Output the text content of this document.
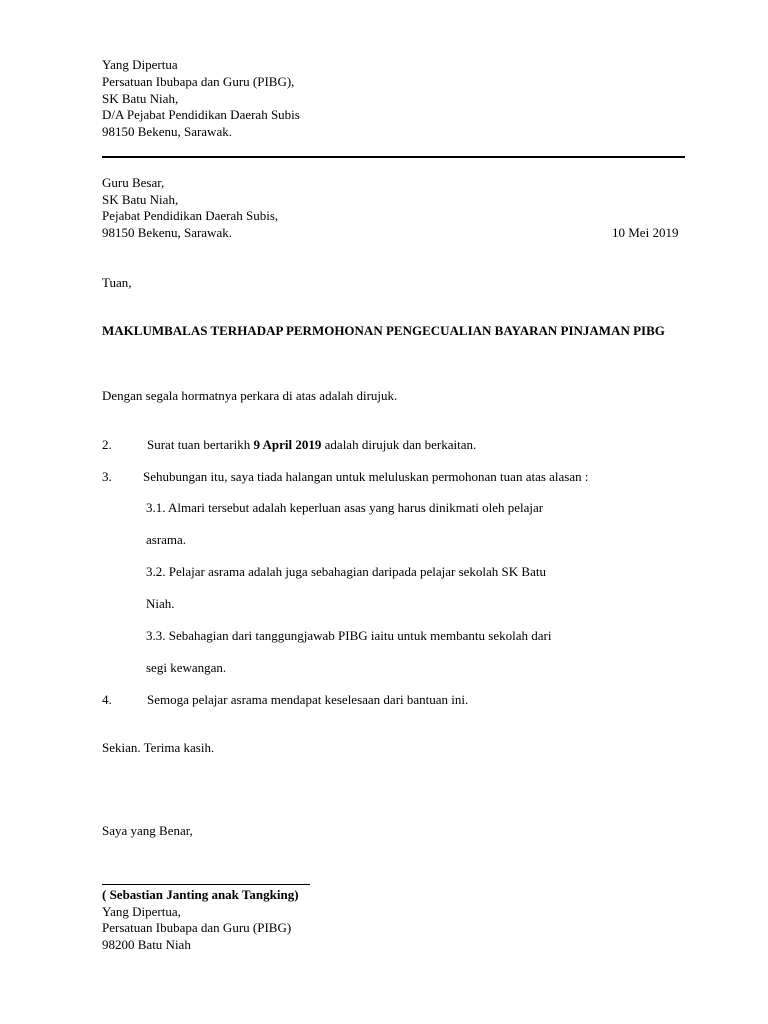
Yang Dipertua
Persatuan Ibubapa dan Guru (PIBG),
SK Batu Niah,
D/A Pejabat Pendidikan Daerah Subis
98150 Bekenu, Sarawak.
Guru Besar,
SK Batu Niah,
Pejabat Pendidikan Daerah Subis,
98150 Bekenu, Sarawak.	10 Mei 2019
Tuan,
MAKLUMBALAS TERHADAP PERMOHONAN PENGECUALIAN BAYARAN PINJAMAN PIBG
Dengan segala hormatnya perkara di atas adalah dirujuk.
2.	Surat tuan bertarikh 9 April 2019 adalah dirujuk dan berkaitan.
3. Sehubungan itu, saya tiada halangan untuk meluluskan permohonan tuan atas alasan :
3.1. Almari tersebut adalah keperluan asas yang harus dinikmati oleh pelajar
asrama.
3.2. Pelajar asrama adalah juga sebahagian daripada pelajar sekolah SK Batu
Niah.
3.3. Sebahagian dari tanggungjawab PIBG iaitu untuk membantu sekolah dari
segi kewangan.
4.	Semoga pelajar asrama mendapat keselesaan dari bantuan ini.
Sekian. Terima kasih.
Saya yang Benar,
( Sebastian Janting anak Tangking)
Yang Dipertua,
Persatuan Ibubapa dan Guru (PIBG)
98200 Batu Niah
